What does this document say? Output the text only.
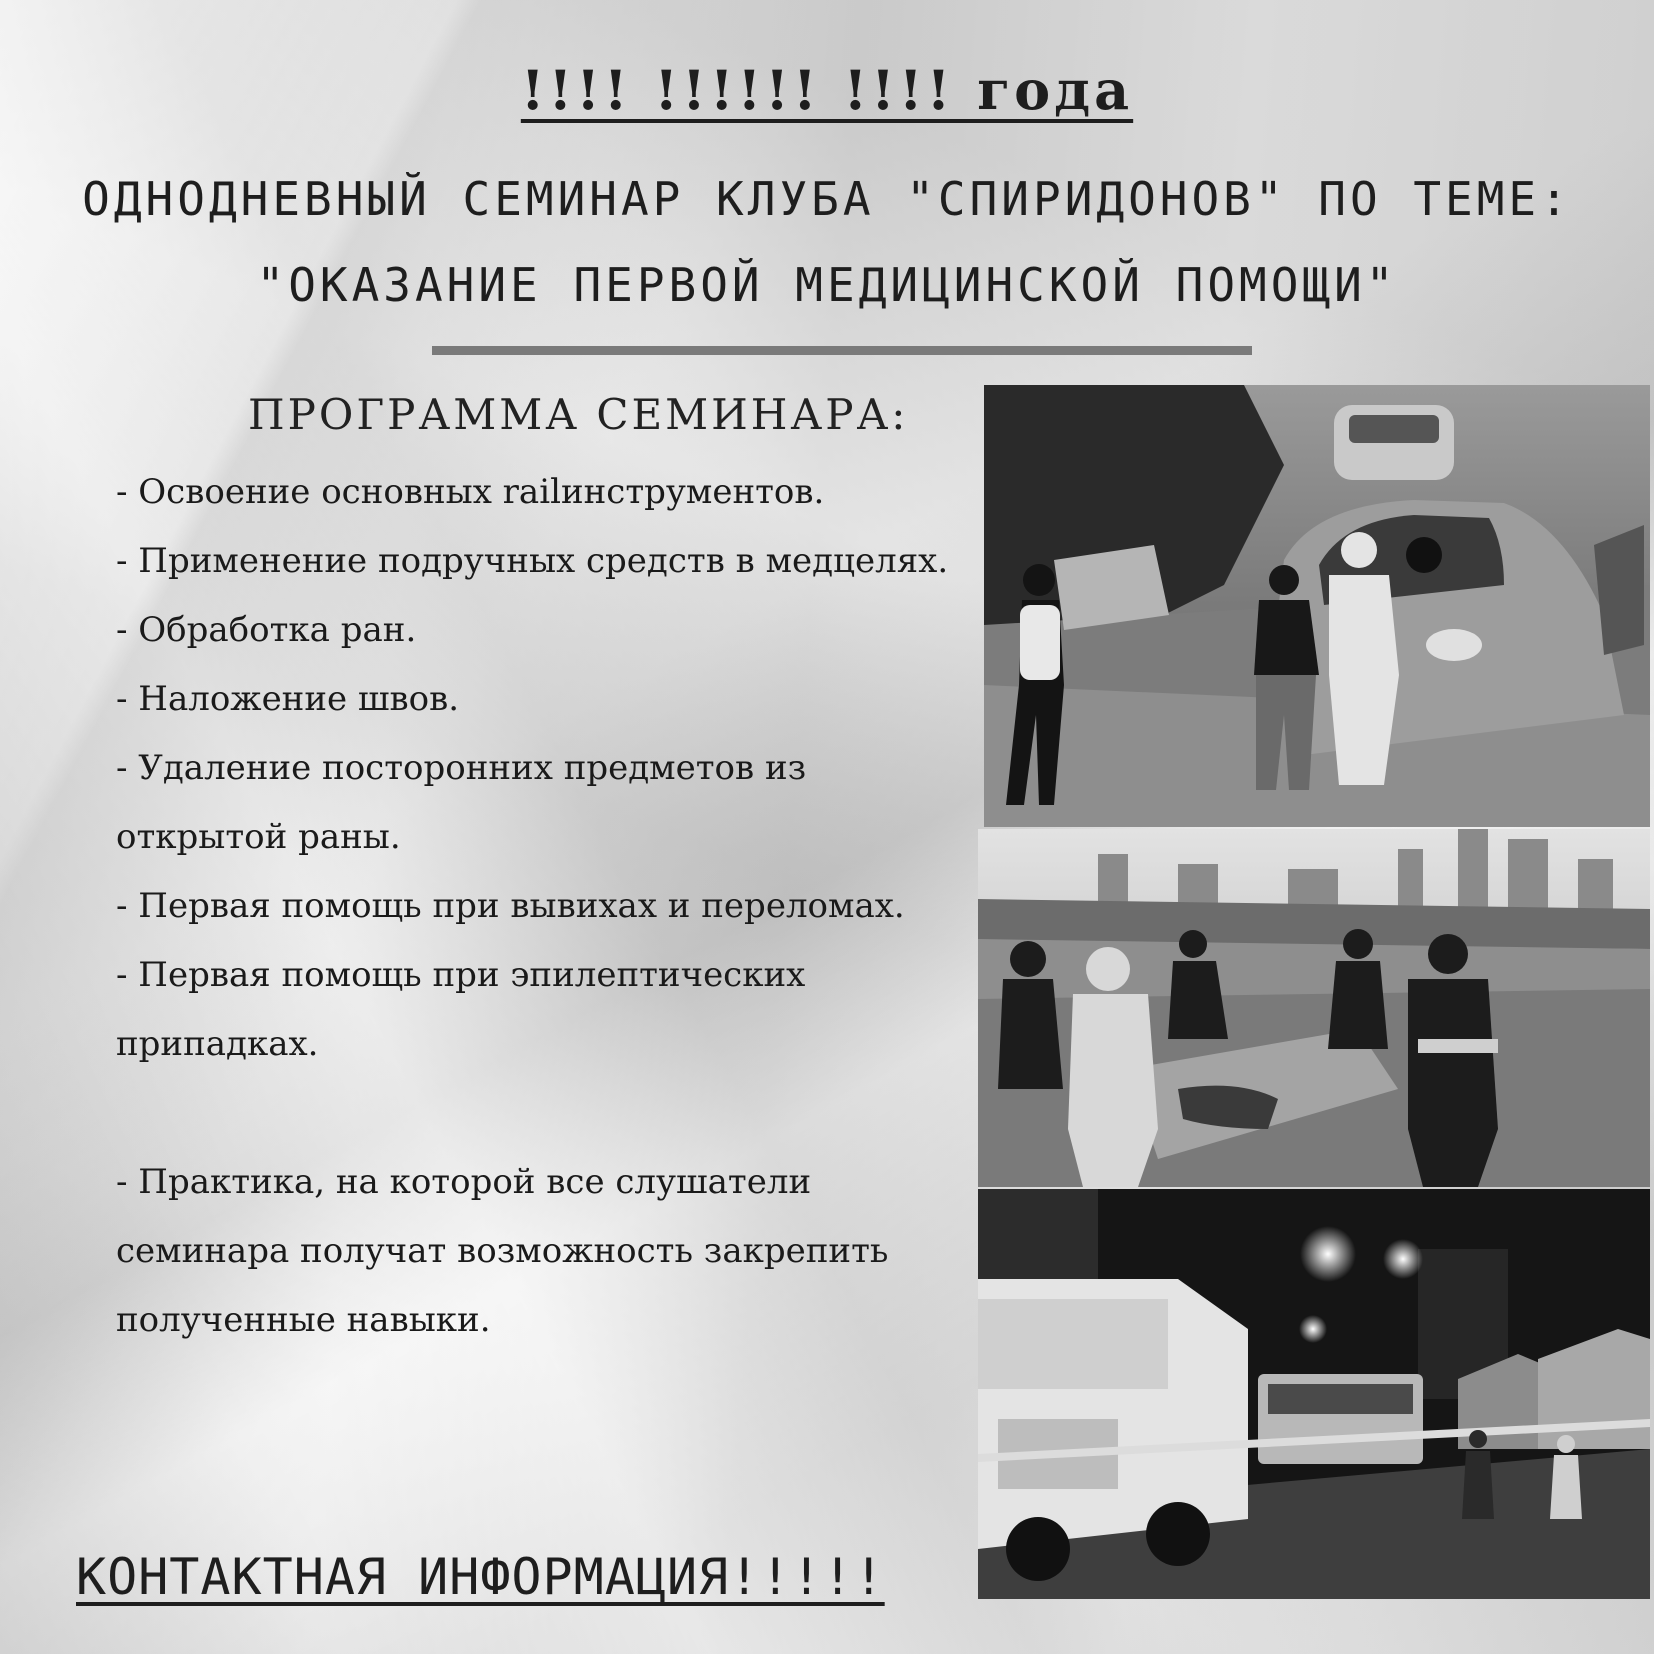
!!!! !!!!!! !!!! года
ОДНОДНЕВНЫЙ СЕМИНАР КЛУБА "СПИРИДОНОВ" ПО ТЕМЕ:
"ОКАЗАНИЕ ПЕРВОЙ МЕДИЦИНСКОЙ ПОМОЩИ"
ПРОГРАММА СЕМИНАРА:

- Освоение основных railинструментов.

- Применение подручных средств в медцелях.

- Обработка ран.

- Наложение швов.

- Удаление посторонних предметов из открытой раны.

- Первая помощь при вывихах и переломах.

- Первая помощь при эпилептических припадках.

- Практика, на которой все слушатели семинара получат возможность закрепить полученные навыки.

КОНТАКТНАЯ ИНФОРМАЦИЯ!!!!!
